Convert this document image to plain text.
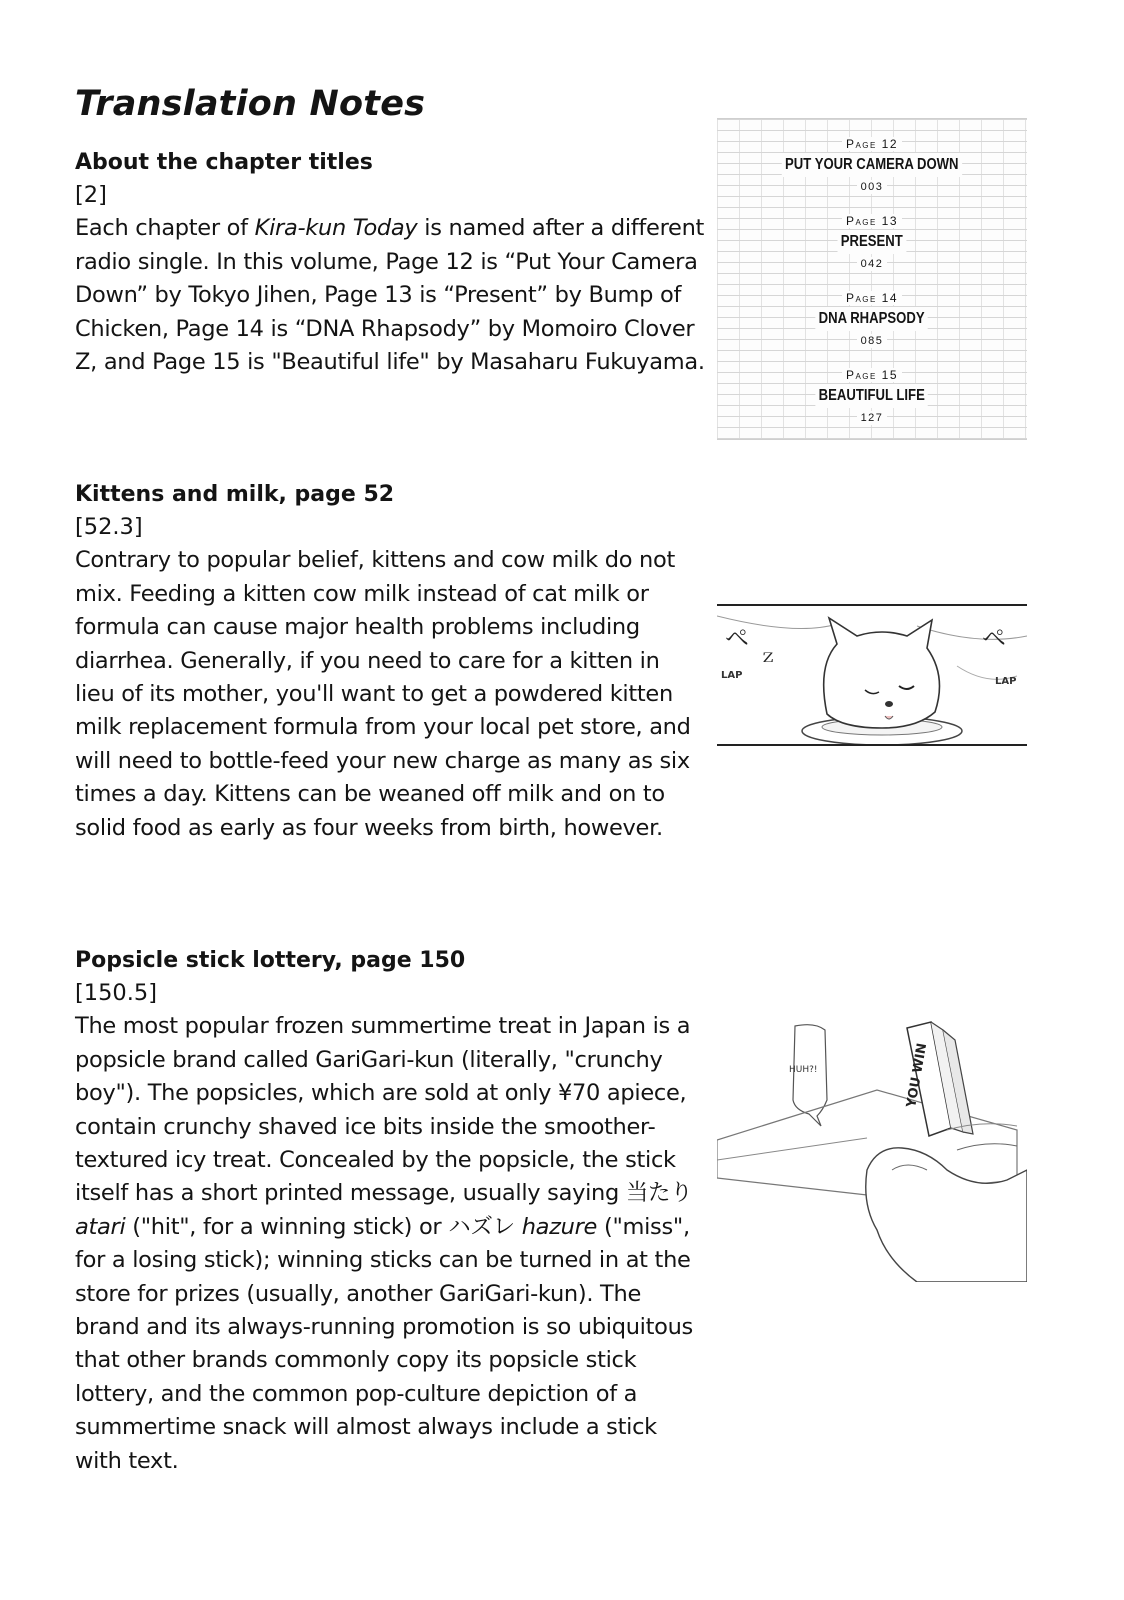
Translation Notes
About the chapter titles
[2]

Each chapter of Kira-kun Today is named after a different radio single. In this volume, Page 12 is “Put Your Camera Down” by Tokyo Jihen, Page 13 is “Present” by Bump of Chicken, Page 14 is “DNA Rhapsody” by Momoiro Clover Z, and Page 15 is "Beautiful life" by Masaharu Fukuyama.

Kittens and milk, page 52
[52.3]

Contrary to popular belief, kittens and cow milk do not mix. Feeding a kitten cow milk instead of cat milk or formula can cause major health problems including diarrhea. Generally, if you need to care for a kitten in lieu of its mother, you'll want to get a powdered kitten milk replacement formula from your local pet store, and will need to bottle-feed your new charge as many as six times a day. Kittens can be weaned off milk and on to solid food as early as four weeks from birth, however.

Popsicle stick lottery, page 150
[150.5]

The most popular frozen summertime treat in Japan is a popsicle brand called GariGari-kun (literally, "crunchy boy"). The popsicles, which are sold at only ¥70 apiece, contain crunchy shaved ice bits inside the smoother-textured icy treat. Concealed by the popsicle, the stick itself has a short printed message, usually saying 当たり atari ("hit", for a winning stick) or ハズレ hazure ("miss", for a losing stick); winning sticks can be turned in at the store for prizes (usually, another GariGari-kun). The brand and its always-running promotion is so ubiquitous that other brands commonly copy its popsicle stick lottery, and the common pop-culture depiction of a summertime snack will almost always include a stick with text.

Page 12
PUT YOUR CAMERA DOWN
003
Page 13
PRESENT
042
Page 14
DNA RHAPSODY
085
Page 15
BEAUTIFUL LIFE
127
ペ
ｚ
ペ
LAP
LAP
HUH?!	YOU WIN
